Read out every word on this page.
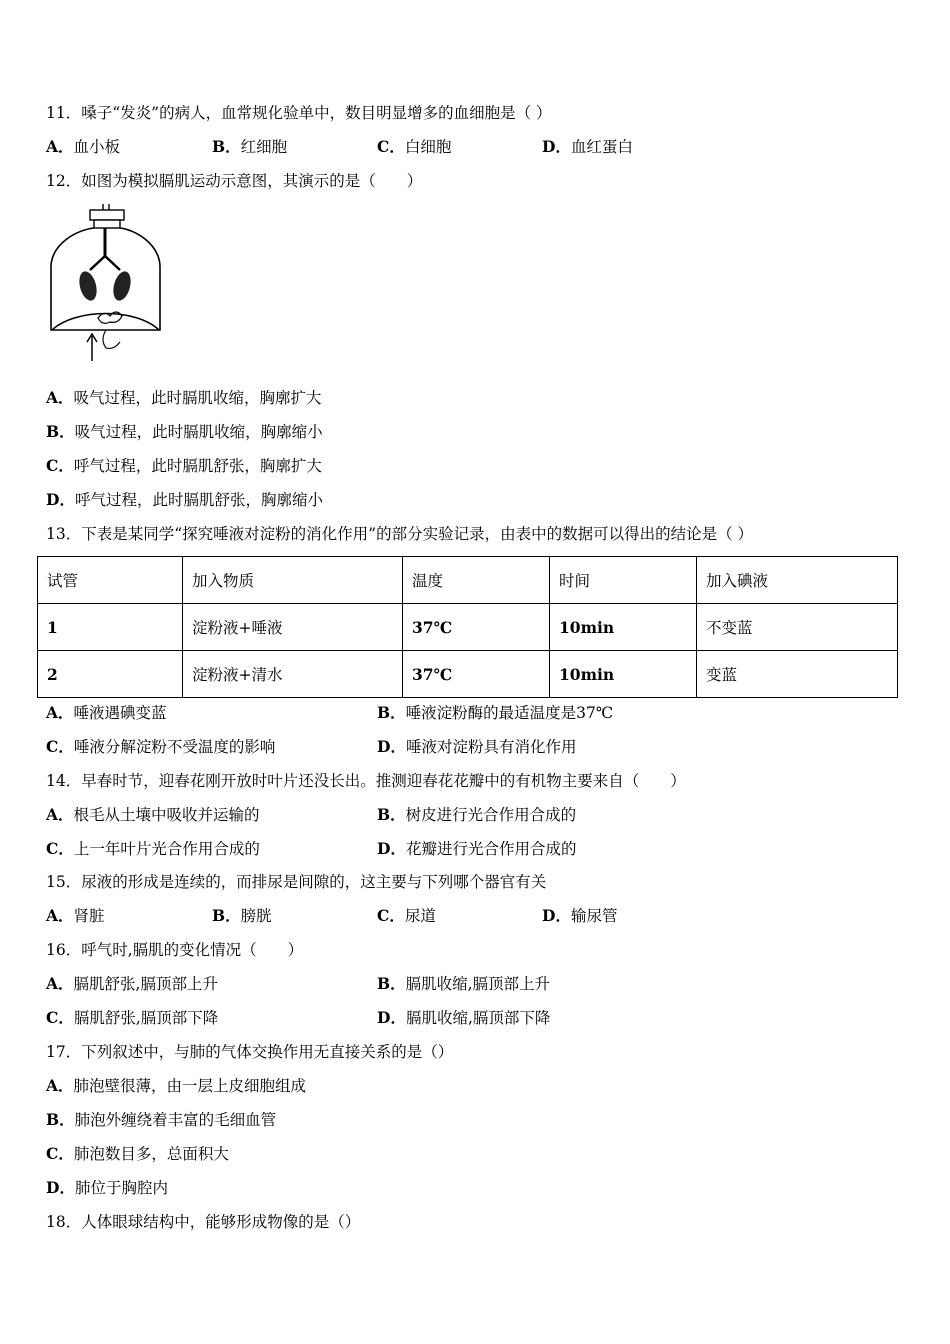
11．嗓子“发炎”的病人，血常规化验单中，数目明显增多的血细胞是（ ）
A．血小板	B．红细胞	C．白细胞	D．血红蛋白
12．如图为模拟膈肌运动示意图，其演示的是（　　）
A．吸气过程，此时膈肌收缩，胸廓扩大
B．吸气过程，此时膈肌收缩，胸廓缩小
C．呼气过程，此时膈肌舒张，胸廓扩大
D．呼气过程，此时膈肌舒张，胸廓缩小
13．下表是某同学“探究唾液对淀粉的消化作用”的部分实验记录，由表中的数据可以得出的结论是（ ）
试管	加入物质	温度	时间	加入碘液
1	淀粉液+唾液	37℃	10min	不变蓝
2	淀粉液+清水	37℃	10min	变蓝
A．唾液遇碘变蓝	B．唾液淀粉酶的最适温度是37℃
C．唾液分解淀粉不受温度的影响	D．唾液对淀粉具有消化作用
14．早春时节，迎春花刚开放时叶片还没长出。推测迎春花花瓣中的有机物主要来自（　　）
A．根毛从土壤中吸收并运输的	B．树皮进行光合作用合成的
C．上一年叶片光合作用合成的	D．花瓣进行光合作用合成的
15．尿液的形成是连续的，而排尿是间隙的，这主要与下列哪个器官有关
A．肾脏	B．膀胱	C．尿道	D．输尿管
16．呼气时,膈肌的变化情况（　　）
A．膈肌舒张,膈顶部上升	B．膈肌收缩,膈顶部上升
C．膈肌舒张,膈顶部下降	D．膈肌收缩,膈顶部下降
17．下列叙述中，与肺的气体交换作用无直接关系的是（）
A．肺泡壁很薄，由一层上皮细胞组成
B．肺泡外缠绕着丰富的毛细血管
C．肺泡数目多，总面积大
D．肺位于胸腔内
18．人体眼球结构中，能够形成物像的是（）
